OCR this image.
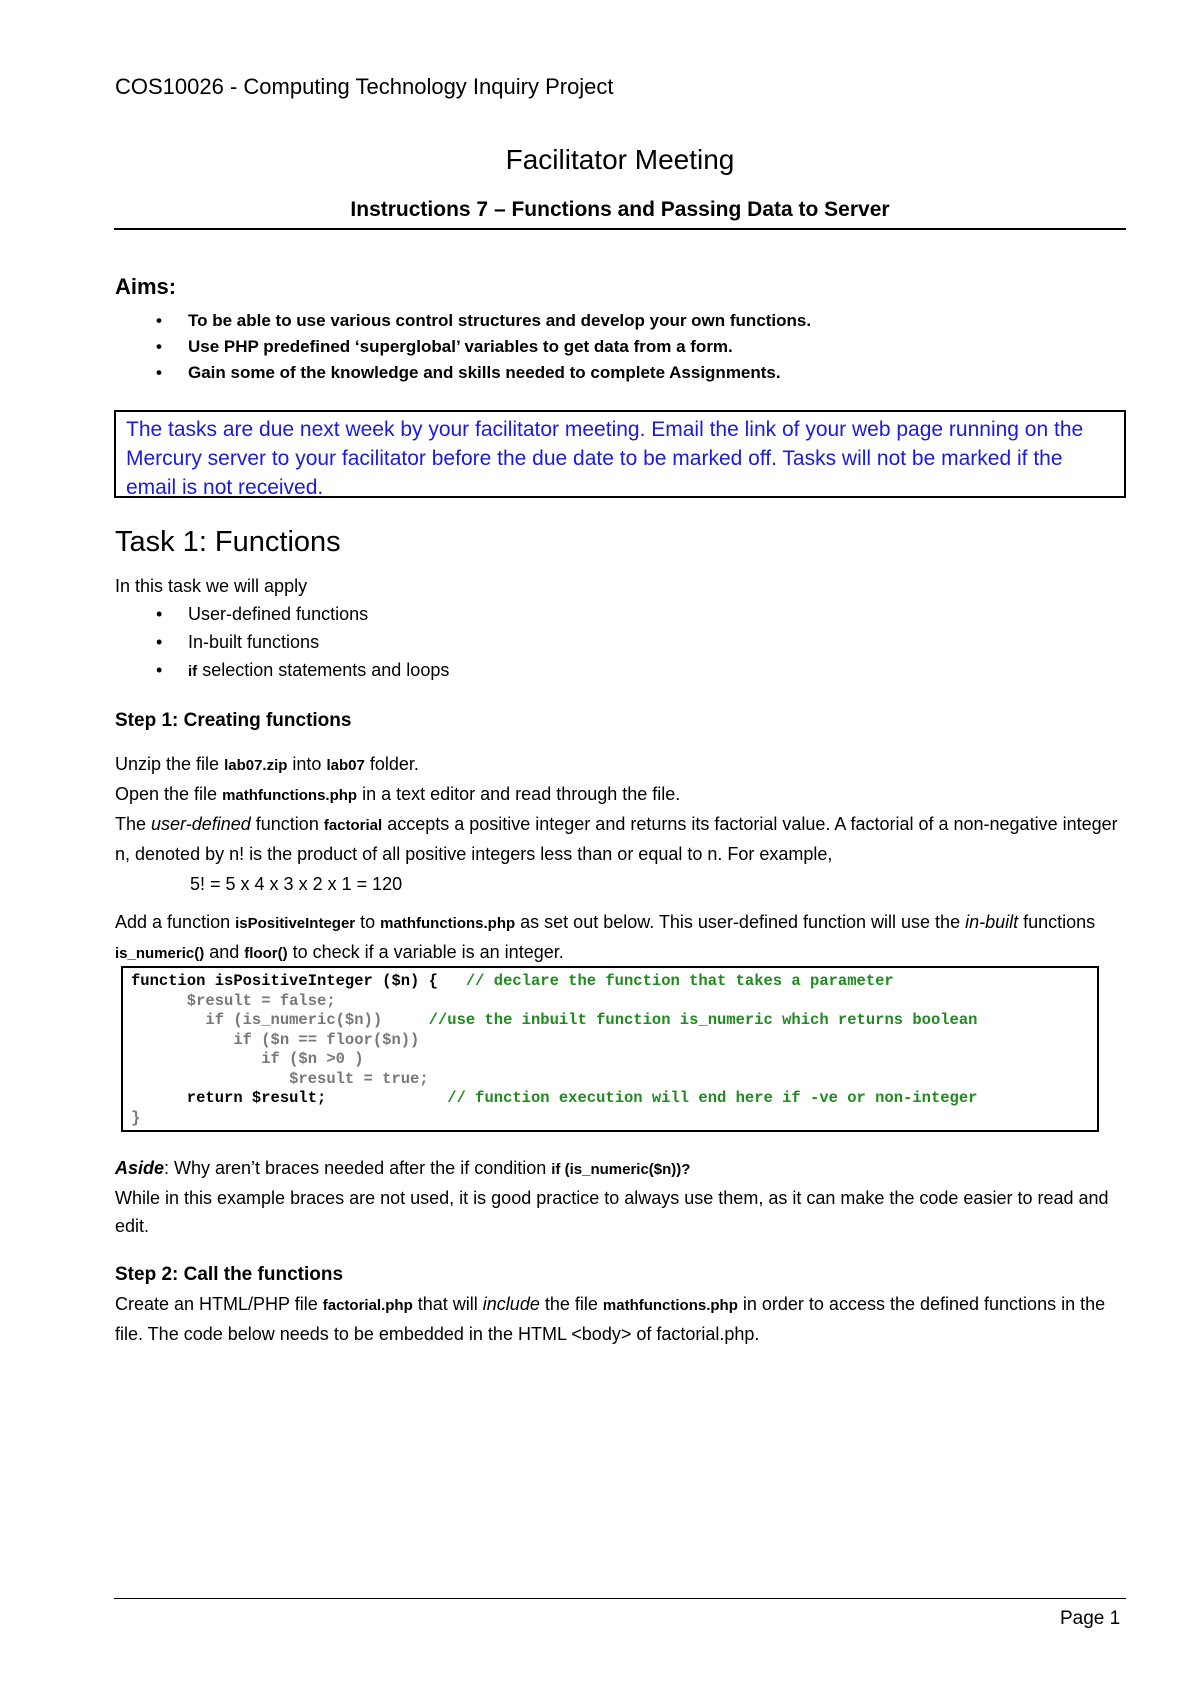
COS10026 - Computing Technology Inquiry Project
Facilitator Meeting
Instructions 7 – Functions and Passing Data to Server
Aims:
• To be able to use various control structures and develop your own functions.
• Use PHP predefined ‘superglobal’ variables to get data from a form.
• Gain some of the knowledge and skills needed to complete Assignments.
The tasks are due next week by your facilitator meeting. Email the link of your web page running on the Mercury server to your facilitator before the due date to be marked off. Tasks will not be marked if the email is not received.
Task 1: Functions
In this task we will apply
• User-defined functions
• In-built functions
• if selection statements and loops
Step 1: Creating functions
Unzip the file lab07.zip into lab07 folder.
Open the file mathfunctions.php in a text editor and read through the file.
The user-defined function factorial accepts a positive integer and returns its factorial value. A factorial of a non-negative integer n, denoted by n! is the product of all positive integers less than or equal to n. For example,
5! = 5 x 4 x 3 x 2 x 1 = 120
Add a function isPositiveInteger to mathfunctions.php as set out below. This user-defined function will use the in-built functions is_numeric() and floor() to check if a variable is an integer.
function isPositiveInteger ($n) {   // declare the function that takes a parameter
$result = false;
if (is_numeric($n))     //use the inbuilt function is_numeric which returns boolean
if ($n == floor($n))
if ($n >0 )
$result = true;
return $result;             // function execution will end here if -ve or non-integer
}
Aside: Why aren’t braces needed after the if condition if (is_numeric($n))?
While in this example braces are not used, it is good practice to always use them, as it can make the code easier to read and edit.
Step 2: Call the functions
Create an HTML/PHP file factorial.php that will include the file mathfunctions.php in order to access the defined functions in the file. The code below needs to be embedded in the HTML <body> of factorial.php.
Page 1
